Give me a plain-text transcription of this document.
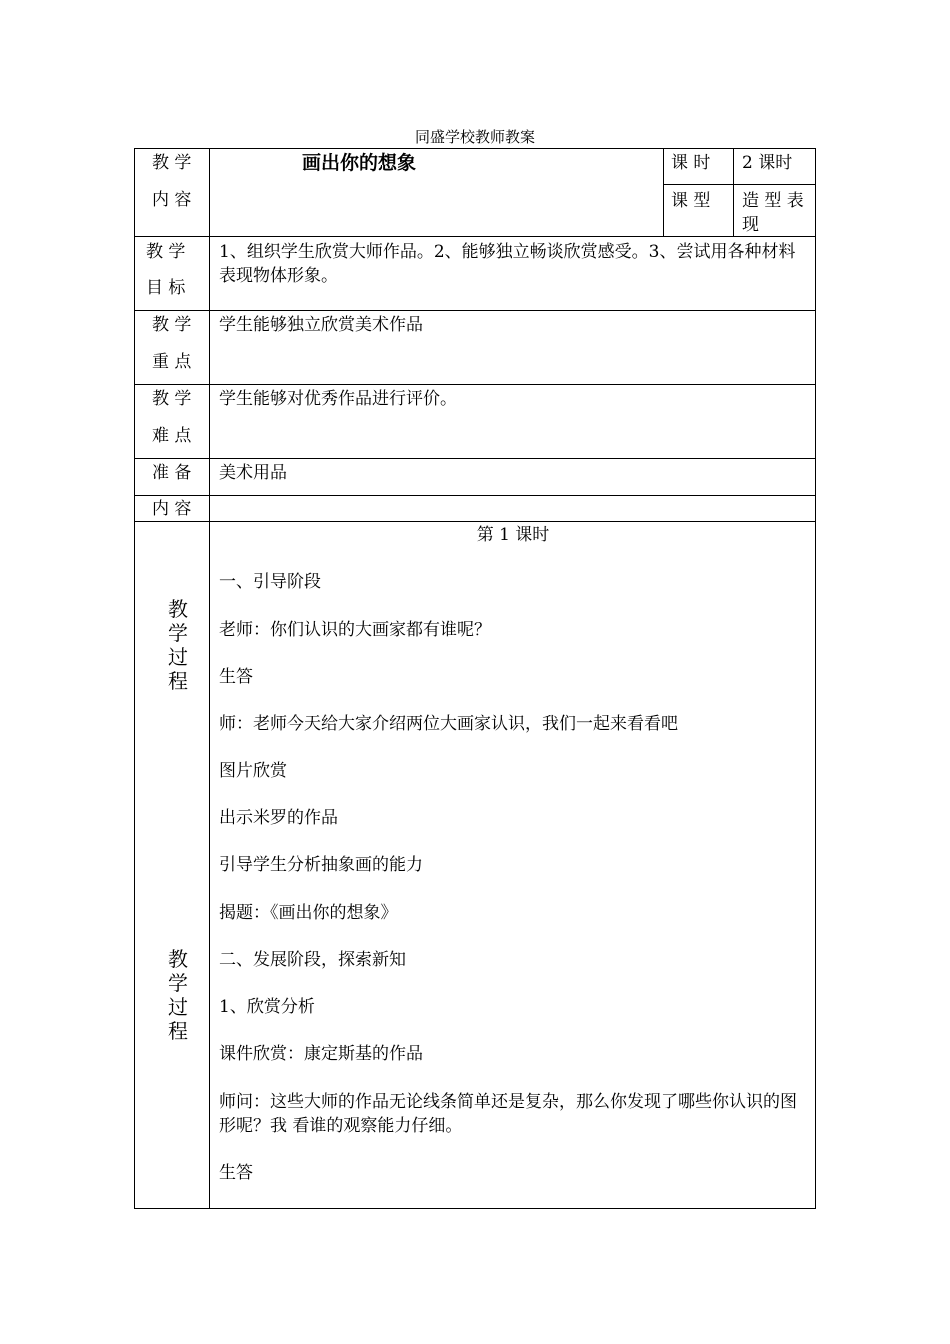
同盛学校教师教案
教 学
内 容
画出你的想象	课 时 2 课时
课 型 造 型 表
现
教 学
目 标
1、组织学生欣赏大师作品。2、能够独立畅谈欣赏感受。3、尝试用各种材料表现物体形象。
教 学
重 点
学生能够独立欣赏美术作品
教 学
难 点
学生能够对优秀作品进行评价。
准 备 美术用品
内 容
教
学
过
程
教
学
过
程
第 1 课时
一、引导阶段
老师：你们认识的大画家都有谁呢？
生答
师：老师今天给大家介绍两位大画家认识，我们一起来看看吧
图片欣赏
出示米罗的作品
引导学生分析抽象画的能力
揭题：《画出你的想象》
二、发展阶段，探索新知
1、欣赏分析
课件欣赏：康定斯基的作品
师问：这些大师的作品无论线条简单还是复杂，那么你发现了哪些你认识的图形呢？我 看谁的观察能力仔细。
生答
